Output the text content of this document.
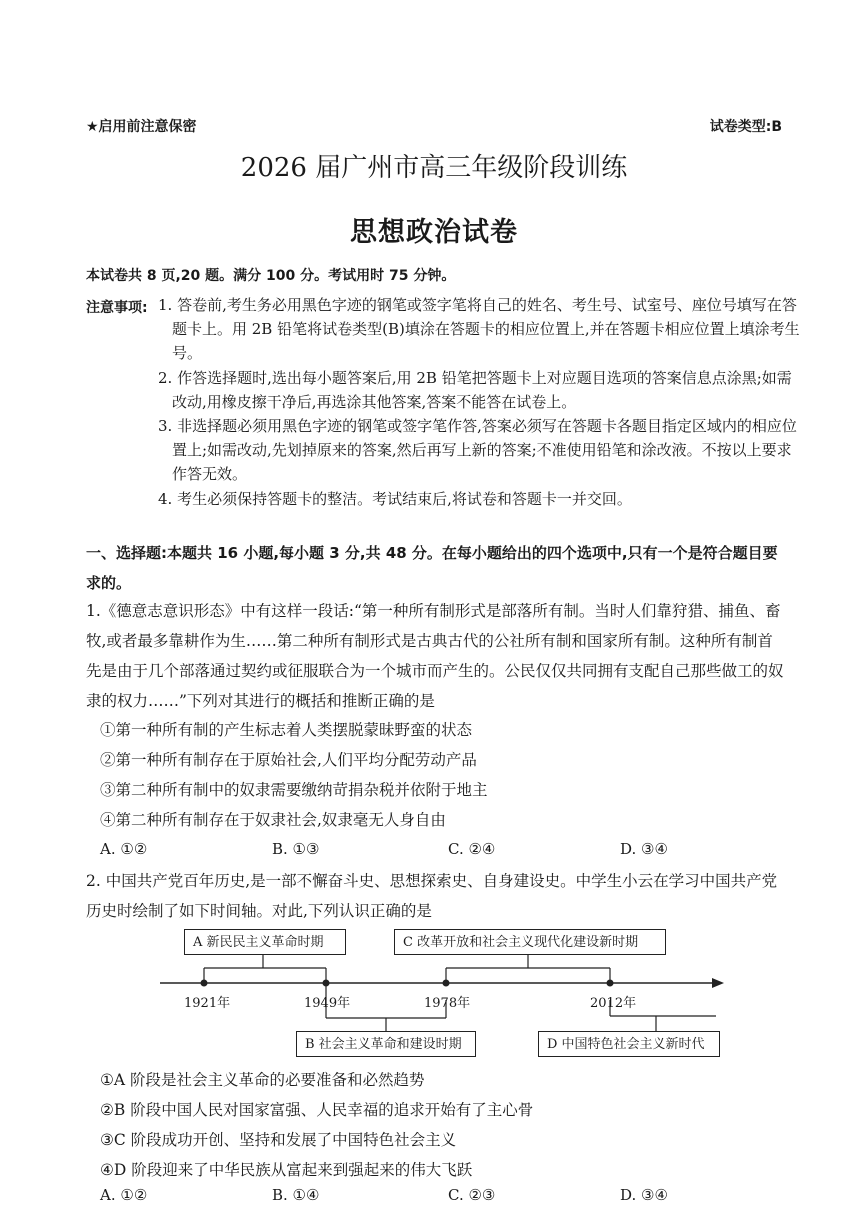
★启用前注意保密	试卷类型:B
2026 届广州市高三年级阶段训练
思想政治试卷
本试卷共 8 页,20 题。满分 100 分。考试用时 75 分钟。
注意事项: 1. 答卷前,考生务必用黑色字迹的钢笔或签字笔将自己的姓名、考生号、试室号、座位号填写在答题卡上。用 2B 铅笔将试卷类型(B)填涂在答题卡的相应位置上,并在答题卡相应位置上填涂考生号。
2. 作答选择题时,选出每小题答案后,用 2B 铅笔把答题卡上对应题目选项的答案信息点涂黑;如需改动,用橡皮擦干净后,再选涂其他答案,答案不能答在试卷上。
3. 非选择题必须用黑色字迹的钢笔或签字笔作答,答案必须写在答题卡各题目指定区域内的相应位置上;如需改动,先划掉原来的答案,然后再写上新的答案;不准使用铅笔和涂改液。不按以上要求作答无效。
4. 考生必须保持答题卡的整洁。考试结束后,将试卷和答题卡一并交回。
一、选择题:本题共 16 小题,每小题 3 分,共 48 分。在每小题给出的四个选项中,只有一个是符合题目要求的。
1.《德意志意识形态》中有这样一段话:“第一种所有制形式是部落所有制。当时人们靠狩猎、捕鱼、畜牧,或者最多靠耕作为生……第二种所有制形式是古典古代的公社所有制和国家所有制。这种所有制首先是由于几个部落通过契约或征服联合为一个城市而产生的。公民仅仅共同拥有支配自己那些做工的奴隶的权力……”下列对其进行的概括和推断正确的是
①第一种所有制的产生标志着人类摆脱蒙昧野蛮的状态
②第一种所有制存在于原始社会,人们平均分配劳动产品
③第二种所有制中的奴隶需要缴纳苛捐杂税并依附于地主
④第二种所有制存在于奴隶社会,奴隶毫无人身自由
A. ①②	B. ①③	C. ②④	D. ③④
2. 中国共产党百年历史,是一部不懈奋斗史、思想探索史、自身建设史。中学生小云在学习中国共产党历史时绘制了如下时间轴。对此,下列认识正确的是
A 新民民主义革命时期	C 改革开放和社会主义现代化建设新时期
B 社会主义革命和建设时期	D 中国特色社会主义新时代
1921年	1949年	1978年	2012年
①A 阶段是社会主义革命的必要准备和必然趋势
②B 阶段中国人民对国家富强、人民幸福的追求开始有了主心骨
③C 阶段成功开创、坚持和发展了中国特色社会主义
④D 阶段迎来了中华民族从富起来到强起来的伟大飞跃
A. ①②	B. ①④	C. ②③	D. ③④
